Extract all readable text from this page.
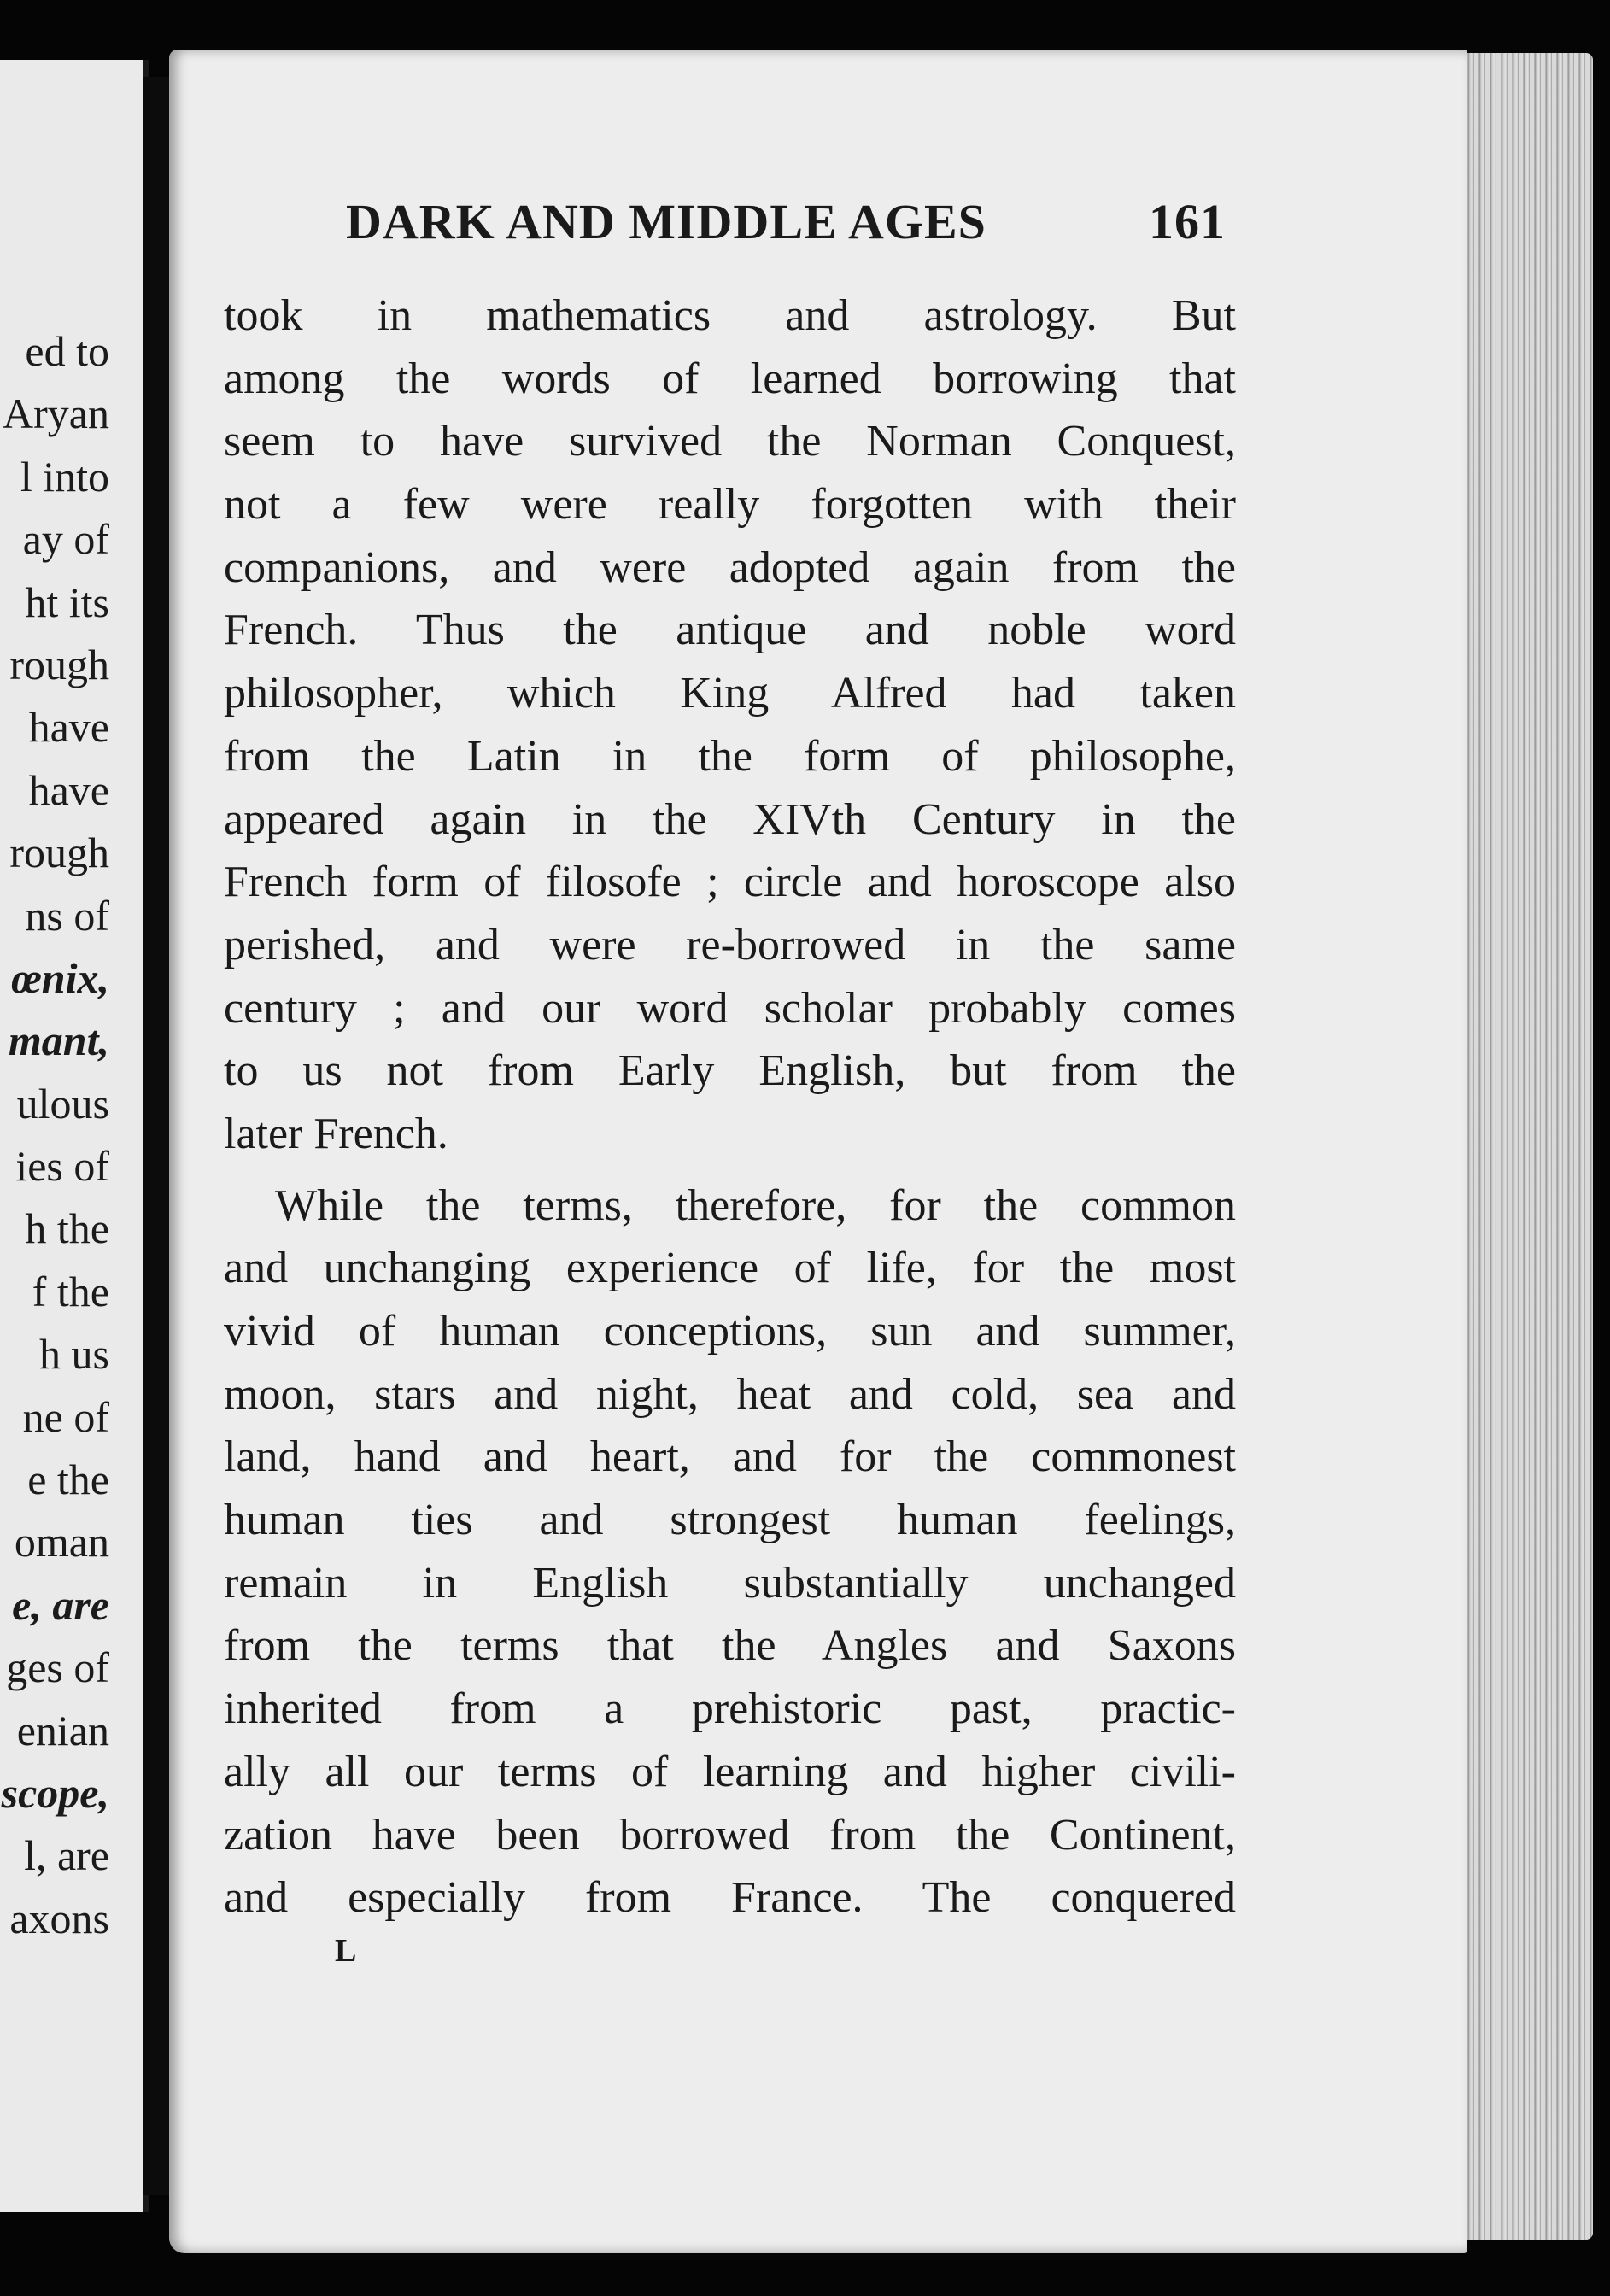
ed to
Aryan
l into
ay of
ht its
rough
have
have
rough
ns of
œnix,
mant,
ulous
ies of
h the
f the
h us
ne of
e the
oman
e, are
ges of
enian
scope,
l, are
axons
DARK AND MIDDLE AGES	161
took in mathematics and astrology. But
among the words of learned borrowing that
seem to have survived the Norman Conquest,
not a few were really forgotten with their
companions, and were adopted again from the
French. Thus the antique and noble word
philosopher, which King Alfred had taken
from the Latin in the form of philosophe,
appeared again in the XIVth Century in the
French form of filosofe ; circle and horoscope also
perished, and were re-borrowed in the same
century ; and our word scholar probably comes
to us not from Early English, but from the
later French.
While the terms, therefore, for the common
and unchanging experience of life, for the most
vivid of human conceptions, sun and summer,
moon, stars and night, heat and cold, sea and
land, hand and heart, and for the commonest
human ties and strongest human feelings,
remain in English substantially unchanged
from the terms that the Angles and Saxons
inherited from a prehistoric past, practic-
ally all our terms of learning and higher civili-
zation have been borrowed from the Continent,
and especially from France. The conquered
L
